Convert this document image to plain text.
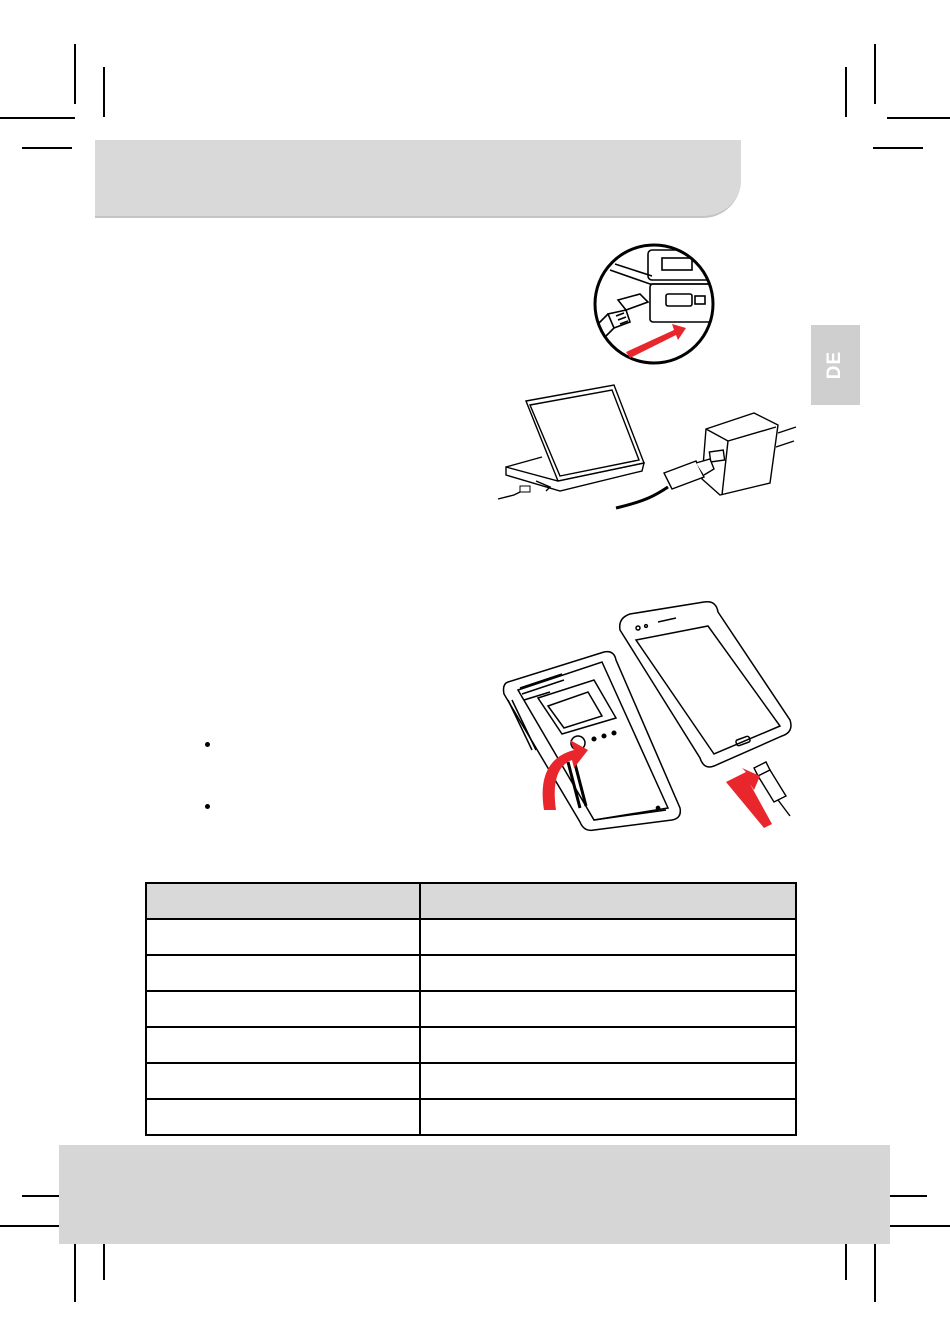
DE
